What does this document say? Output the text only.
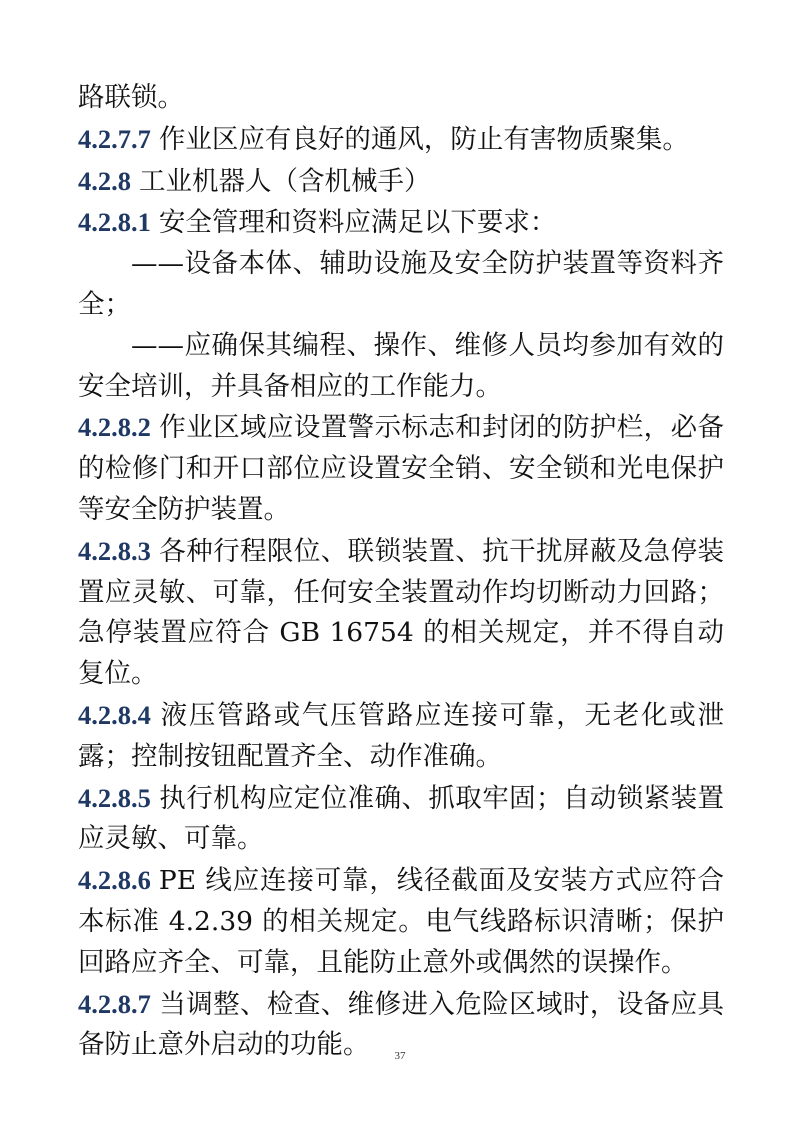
路联锁。

4.2.7.7 作业区应有良好的通风，防止有害物质聚集。

4.2.8 工业机器人（含机械手）

4.2.8.1 安全管理和资料应满足以下要求：

——设备本体、辅助设施及安全防护装置等资料齐全；

——应确保其编程、操作、维修人员均参加有效的安全培训，并具备相应的工作能力。

4.2.8.2 作业区域应设置警示标志和封闭的防护栏，必备的检修门和开口部位应设置安全销、安全锁和光电保护等安全防护装置。

4.2.8.3 各种行程限位、联锁装置、抗干扰屏蔽及急停装置应灵敏、可靠，任何安全装置动作均切断动力回路；急停装置应符合 GB 16754 的相关规定，并不得自动复位。

4.2.8.4 液压管路或气压管路应连接可靠，无老化或泄露；控制按钮配置齐全、动作准确。

4.2.8.5 执行机构应定位准确、抓取牢固；自动锁紧装置应灵敏、可靠。

4.2.8.6 PE 线应连接可靠，线径截面及安装方式应符合本标准 4.2.39 的相关规定。电气线路标识清晰；保护回路应齐全、可靠，且能防止意外或偶然的误操作。

4.2.8.7 当调整、检查、维修进入危险区域时，设备应具备防止意外启动的功能。	37
